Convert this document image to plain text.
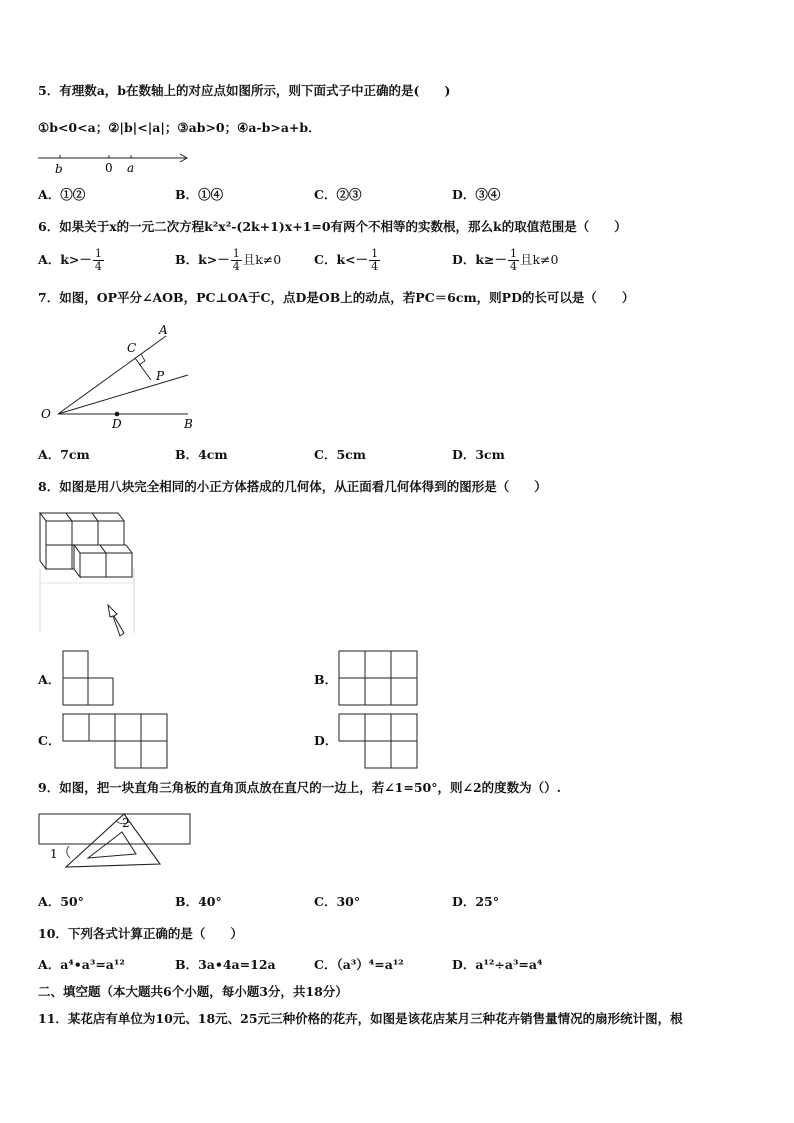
5．有理数a，b在数轴上的对应点如图所示，则下面式子中正确的是(　　)
①b<0<a；②|b|<|a|；③ab>0；④a-b>a+b．
b	0 a
A．①②	B．①④	C．②③	D．③④
6．如果关于x的一元二次方程k²x²-(2k+1)x+1=0有两个不相等的实数根，那么k的取值范围是（　　）
A．$k>- \frac{1}{4}$	B．$k>- \frac{1}{4}$ 且k≠0	C．$k<- \frac{1}{4}$	D．$k\ge- \frac{1}{4}$ 且k≠0
7．如图，OP平分∠AOB，PC⊥OA于C，点D是OB上的动点，若PC＝6cm，则PD的长可以是（　　）
A
C
P
O
D	B
A．7cm	B．4cm	C．5cm	D．3cm
8．如图是用八块完全相同的小正方体搭成的几何体，从正面看几何体得到的图形是（　　）
A．	B．
C．	D．
9．如图，把一块直角三角板的直角顶点放在直尺的一边上，若∠1=50°，则∠2的度数为（）.
1
2
A．50°	B．40°	C．30°	D．25°
10．下列各式计算正确的是（　　）
A．a⁴•a³=a¹²	B．3a•4a=12a	C．（a³）⁴=a¹²	D．a¹²÷a³=a⁴
二、填空题（本大题共6个小题，每小题3分，共18分）
11．某花店有单位为10元、18元、25元三种价格的花卉，如图是该花店某月三种花卉销售量情况的扇形统计图，根
